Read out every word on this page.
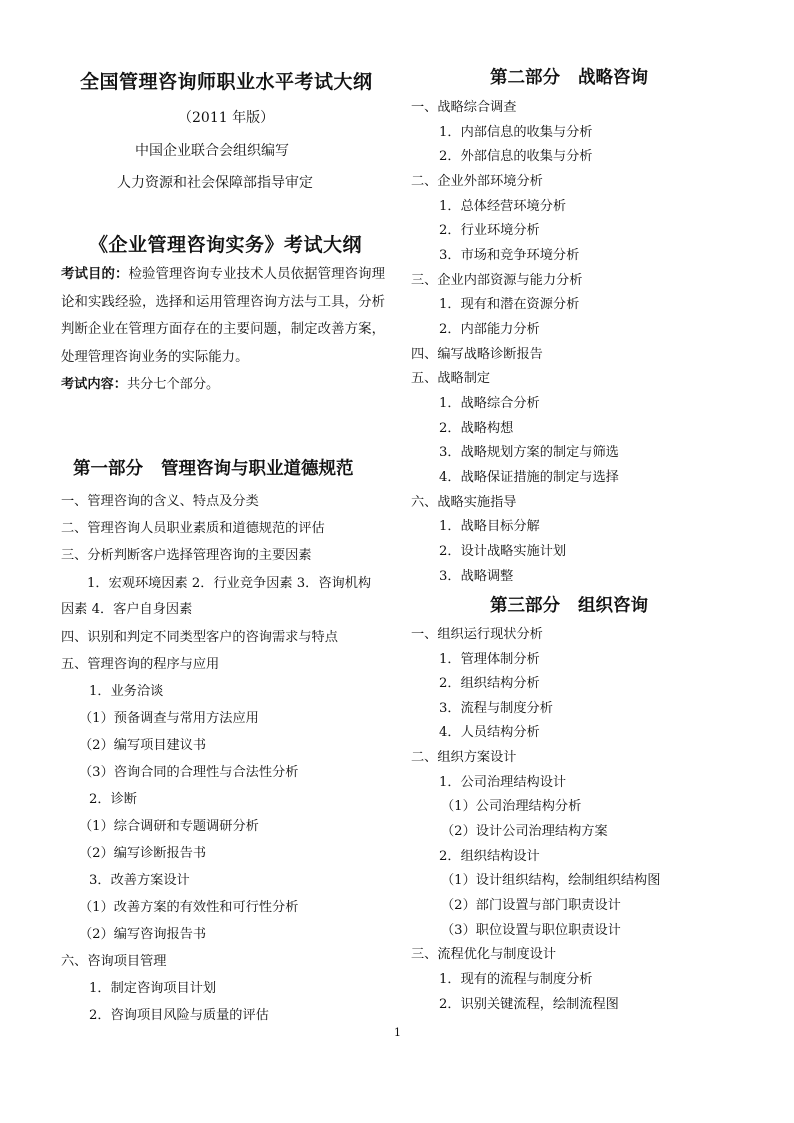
全国管理咨询师职业水平考试大纲
（2011 年版）
中国企业联合会组织编写
人力资源和社会保障部指导审定
《企业管理咨询实务》考试大纲
考试目的：检验管理咨询专业技术人员依据管理咨询理论和实践经验，选择和运用管理咨询方法与工具，分析判断企业在管理方面存在的主要问题，制定改善方案，处理管理咨询业务的实际能力。
考试内容：共分七个部分。
第一部分 管理咨询与职业道德规范
一、管理咨询的含义、特点及分类
二、管理咨询人员职业素质和道德规范的评估
三、分析判断客户选择管理咨询的主要因素
1．宏观环境因素 2．行业竞争因素 3．咨询机构
因素 4．客户自身因素
四、识别和判定不同类型客户的咨询需求与特点
五、管理咨询的程序与应用
1．业务洽谈
（1）预备调查与常用方法应用
（2）编写项目建议书
（3）咨询合同的合理性与合法性分析
2．诊断
（1）综合调研和专题调研分析
（2）编写诊断报告书
3．改善方案设计
（1）改善方案的有效性和可行性分析
（2）编写咨询报告书
六、咨询项目管理
1．制定咨询项目计划
2．咨询项目风险与质量的评估
第二部分 战略咨询
一、战略综合调查
1．内部信息的收集与分析
2．外部信息的收集与分析
二、企业外部环境分析
1．总体经营环境分析
2．行业环境分析
3．市场和竞争环境分析
三、企业内部资源与能力分析
1．现有和潜在资源分析
2．内部能力分析
四、编写战略诊断报告
五、战略制定
1．战略综合分析
2．战略构想
3．战略规划方案的制定与筛选
4．战略保证措施的制定与选择
六、战略实施指导
1．战略目标分解
2．设计战略实施计划
3．战略调整
第三部分 组织咨询
一、组织运行现状分析
1．管理体制分析
2．组织结构分析
3．流程与制度分析
4．人员结构分析
二、组织方案设计
1．公司治理结构设计
（1）公司治理结构分析
（2）设计公司治理结构方案
2．组织结构设计
（1）设计组织结构，绘制组织结构图
（2）部门设置与部门职责设计
（3）职位设置与职位职责设计
三、流程优化与制度设计
1．现有的流程与制度分析
2．识别关键流程，绘制流程图
1
